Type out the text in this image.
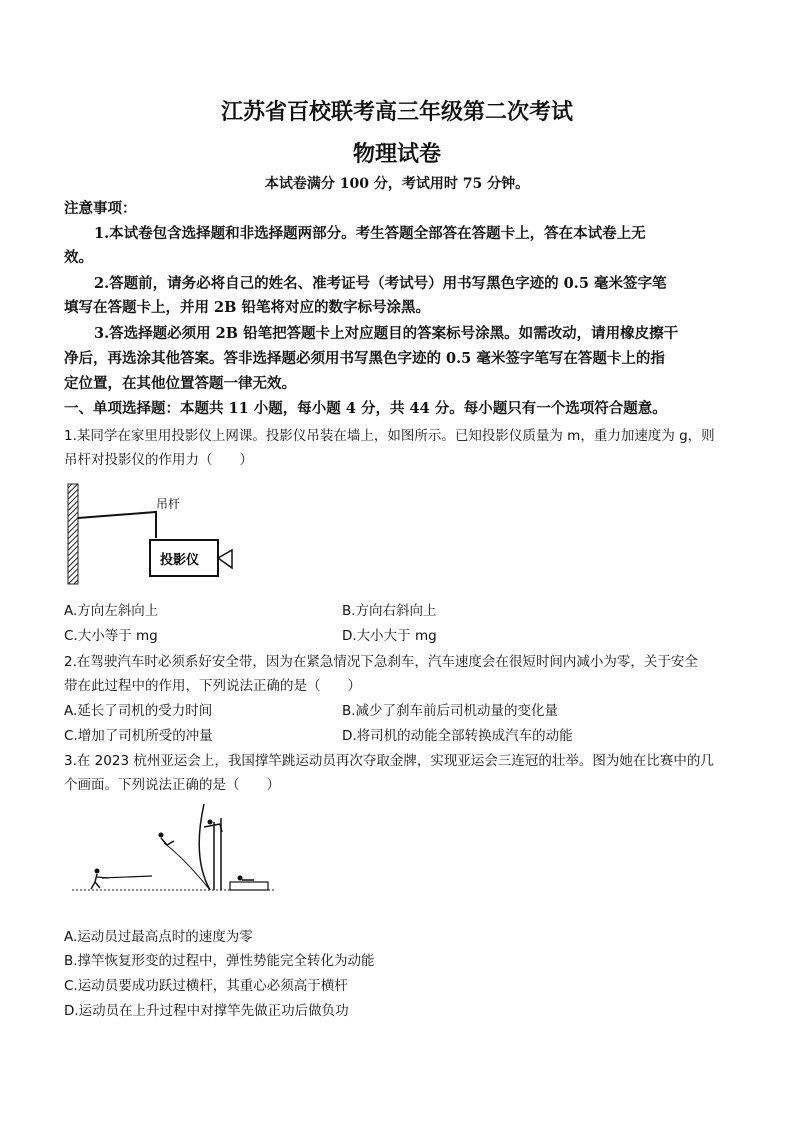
江苏省百校联考高三年级第二次考试
物理试卷
本试卷满分 100 分，考试用时 75 分钟。
注意事项：
1.本试卷包含选择题和非选择题两部分。考生答题全部答在答题卡上，答在本试卷上无
效。
2.答题前，请务必将自己的姓名、准考证号（考试号）用书写黑色字迹的 0.5 毫米签字笔
填写在答题卡上，并用 2B 铅笔将对应的数字标号涂黑。
3.答选择题必须用 2B 铅笔把答题卡上对应题目的答案标号涂黑。如需改动，请用橡皮擦干
净后，再选涂其他答案。答非选择题必须用书写黑色字迹的 0.5 毫米签字笔写在答题卡上的指
定位置，在其他位置答题一律无效。
一、单项选择题：本题共 11 小题，每小题 4 分，共 44 分。每小题只有一个选项符合题意。
1.某同学在家里用投影仪上网课。投影仪吊装在墙上，如图所示。已知投影仪质量为 m，重力加速度为 g，则
吊杆对投影仪的作用力（　　）
吊杆
投影仪
A.方向左斜向上	B.方向右斜向上
C.大小等于 mg	D.大小大于 mg
2.在驾驶汽车时必须系好安全带，因为在紧急情况下急刹车，汽车速度会在很短时间内减小为零，关于安全
带在此过程中的作用，下列说法正确的是（　　）
A.延长了司机的受力时间	B.减少了刹车前后司机动量的变化量
C.增加了司机所受的冲量	D.将司机的动能全部转换成汽车的动能
3.在 2023 杭州亚运会上，我国撑竿跳运动员再次夺取金牌，实现亚运会三连冠的壮举。图为她在比赛中的几
个画面。下列说法正确的是（　　）
A.运动员过最高点时的速度为零
B.撑竿恢复形变的过程中，弹性势能完全转化为动能
C.运动员要成功跃过横杆，其重心必须高于横杆
D.运动员在上升过程中对撑竿先做正功后做负功
